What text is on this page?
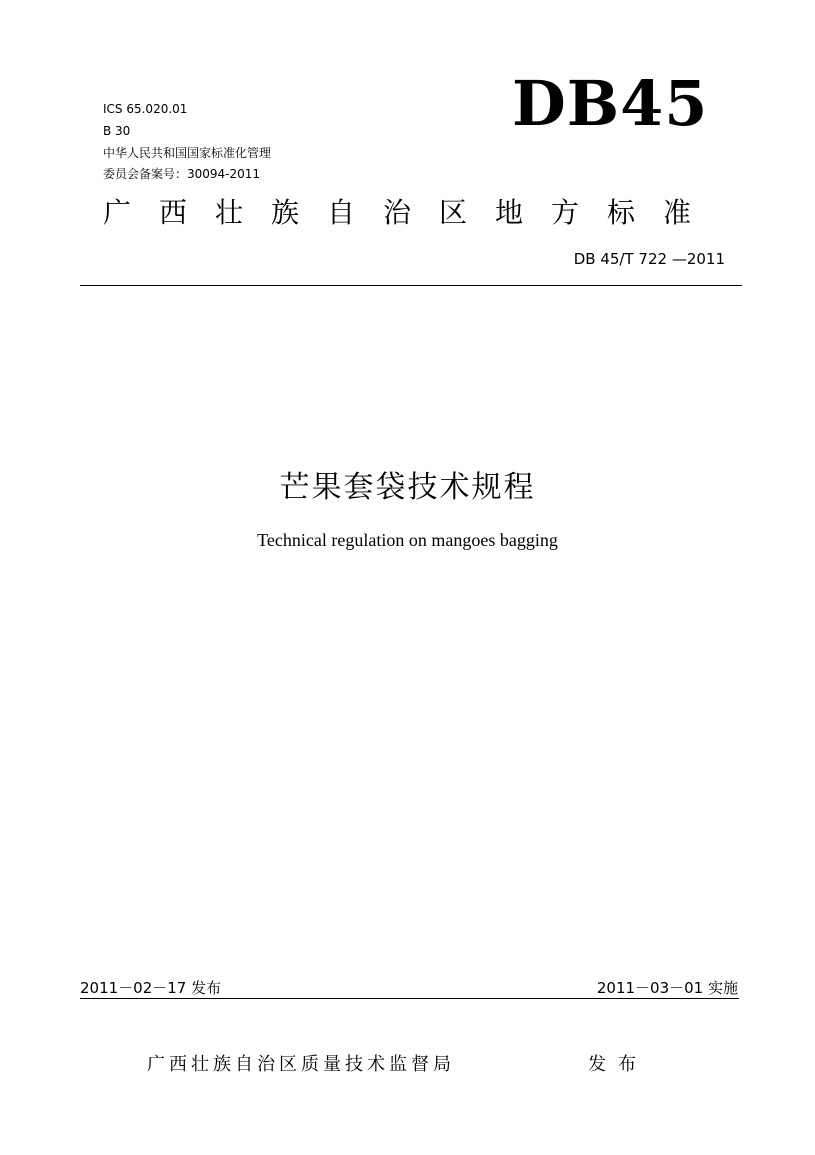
ICS 65.020.01
B 30
中华人民共和国国家标准化管理
委员会备案号：30094-2011
DB45
广西壮族自治区地方标准
DB 45/T 722 —2011
芒果套袋技术规程
Technical regulation on mangoes bagging
2011－02－17 发布	2011－03－01 实施
广西壮族自治区质量技术监督局	发布
